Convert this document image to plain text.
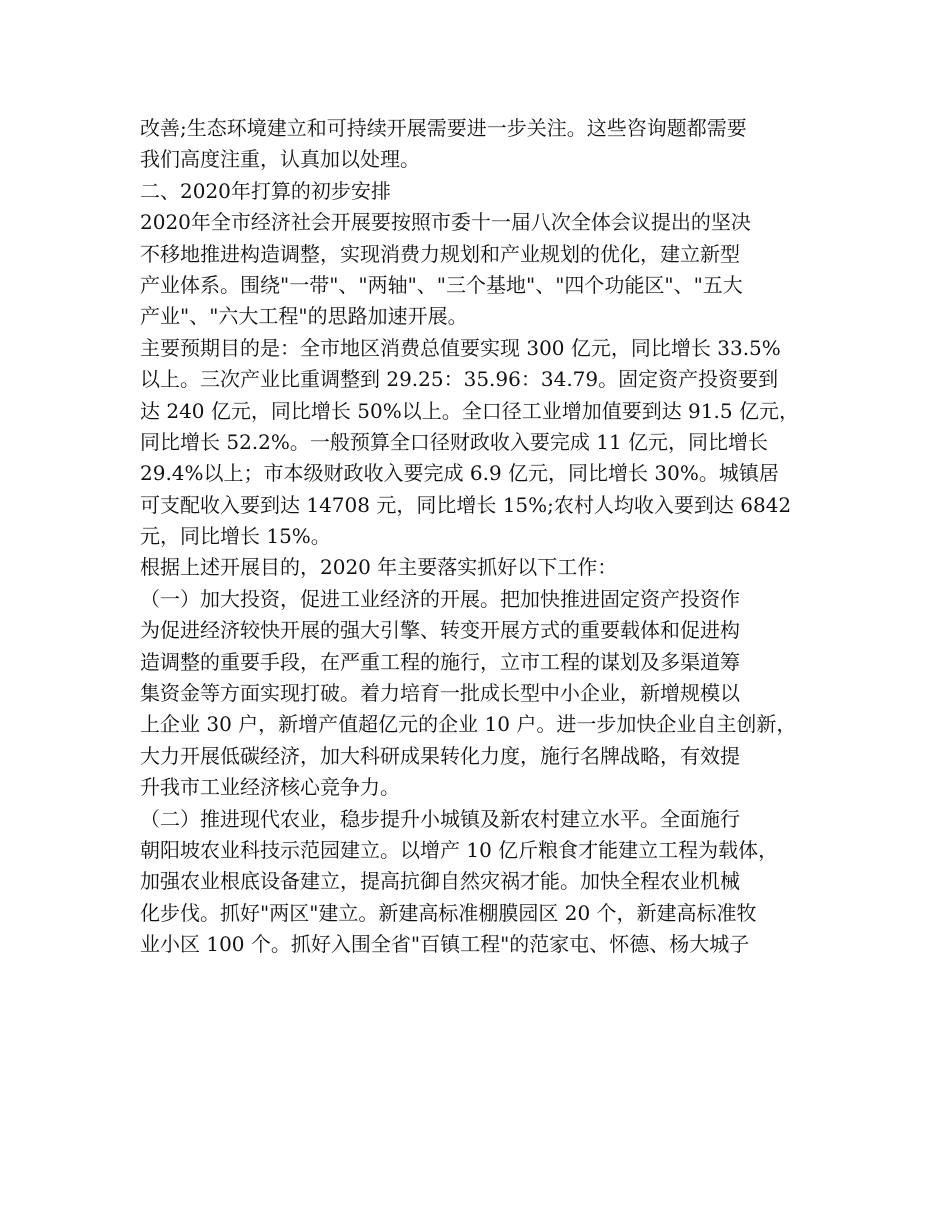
改善;生态环境建立和可持续开展需要进一步关注。这些咨询题都需要
我们高度注重，认真加以处理。
二、2020年打算的初步安排
2020年全市经济社会开展要按照市委十一届八次全体会议提出的坚决
不移地推进构造调整，实现消费力规划和产业规划的优化，建立新型
产业体系。围绕"一带"、"两轴"、"三个基地"、"四个功能区"、"五大
产业"、"六大工程"的思路加速开展。
主要预期目的是：全市地区消费总值要实现 300 亿元，同比增长 33.5%
以上。三次产业比重调整到 29.25：35.96：34.79。固定资产投资要到
达 240 亿元，同比增长 50%以上。全口径工业增加值要到达 91.5 亿元，
同比增长 52.2%。一般预算全口径财政收入要完成 11 亿元，同比增长
29.4%以上；市本级财政收入要完成 6.9 亿元，同比增长 30%。城镇居
可支配收入要到达 14708 元，同比增长 15%;农村人均收入要到达 6842
元，同比增长 15%。
根据上述开展目的，2020 年主要落实抓好以下工作：
（一）加大投资，促进工业经济的开展。把加快推进固定资产投资作
为促进经济较快开展的强大引擎、转变开展方式的重要载体和促进构
造调整的重要手段，在严重工程的施行，立市工程的谋划及多渠道筹
集资金等方面实现打破。着力培育一批成长型中小企业，新增规模以
上企业 30 户，新增产值超亿元的企业 10 户。进一步加快企业自主创新，
大力开展低碳经济，加大科研成果转化力度，施行名牌战略，有效提
升我市工业经济核心竞争力。
（二）推进现代农业，稳步提升小城镇及新农村建立水平。全面施行
朝阳坡农业科技示范园建立。以增产 10 亿斤粮食才能建立工程为载体，
加强农业根底设备建立，提高抗御自然灾祸才能。加快全程农业机械
化步伐。抓好"两区"建立。新建高标准棚膜园区 20 个，新建高标准牧
业小区 100 个。抓好入围全省"百镇工程"的范家屯、怀德、杨大城子
